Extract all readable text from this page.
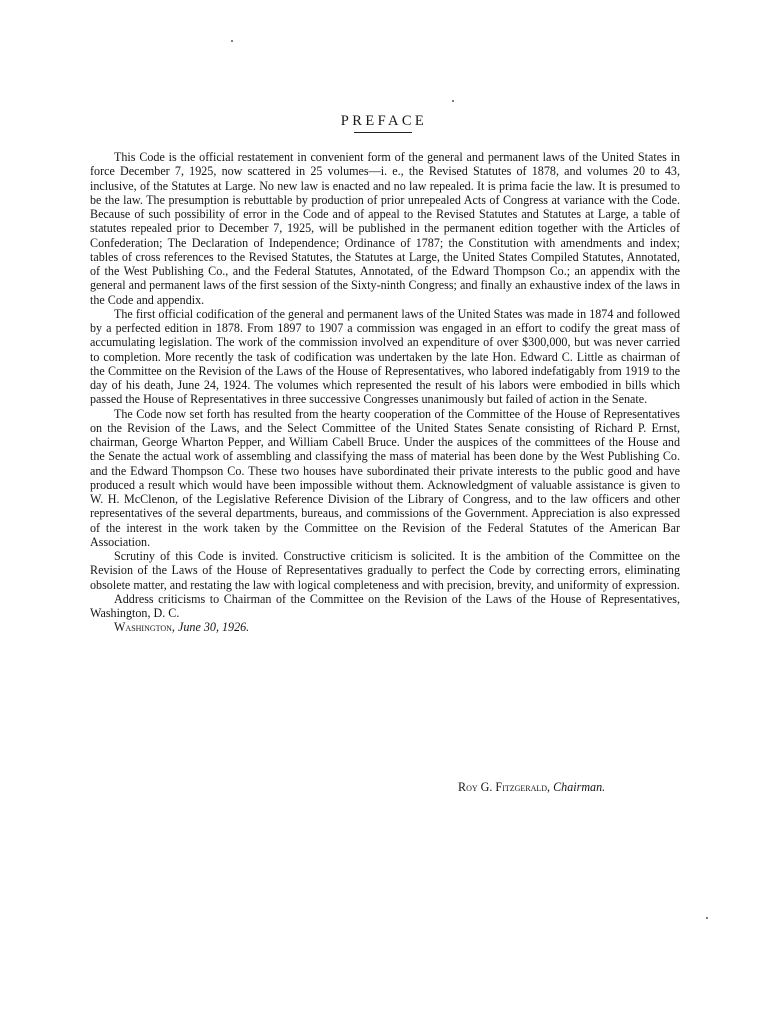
PREFACE

This Code is the official restatement in convenient form of the general and permanent laws of the United States in force December 7, 1925, now scattered in 25 volumes—i. e., the Revised Statutes of 1878, and volumes 20 to 43, inclusive, of the Statutes at Large. No new law is enacted and no law repealed. It is prima facie the law. It is presumed to be the law. The presumption is rebuttable by production of prior unrepealed Acts of Congress at variance with the Code. Because of such possibility of error in the Code and of appeal to the Revised Statutes and Statutes at Large, a table of statutes repealed prior to December 7, 1925, will be published in the permanent edition together with the Articles of Confederation; The Declaration of Independence; Ordinance of 1787; the Constitution with amendments and index; tables of cross references to the Revised Statutes, the Statutes at Large, the United States Compiled Statutes, Annotated, of the West Publishing Co., and the Federal Statutes, Annotated, of the Edward Thompson Co.; an appendix with the general and permanent laws of the first session of the Sixty-ninth Congress; and finally an exhaustive index of the laws in the Code and appendix.

The first official codification of the general and permanent laws of the United States was made in 1874 and followed by a perfected edition in 1878. From 1897 to 1907 a commission was engaged in an effort to codify the great mass of accumulating legislation. The work of the commission involved an expenditure of over $300,000, but was never carried to completion. More recently the task of codification was undertaken by the late Hon. Edward C. Little as chairman of the Committee on the Revision of the Laws of the House of Representatives, who labored indefatigably from 1919 to the day of his death, June 24, 1924. The volumes which represented the result of his labors were embodied in bills which passed the House of Representatives in three successive Congresses unanimously but failed of action in the Senate.

The Code now set forth has resulted from the hearty cooperation of the Committee of the House of Representatives on the Revision of the Laws, and the Select Committee of the United States Senate consisting of Richard P. Ernst, chairman, George Wharton Pepper, and William Cabell Bruce. Under the auspices of the committees of the House and the Senate the actual work of assembling and classifying the mass of material has been done by the West Publishing Co. and the Edward Thompson Co. These two houses have subordinated their private interests to the public good and have produced a result which would have been impossible without them. Acknowledgment of valuable assistance is given to W. H. McClenon, of the Legislative Reference Division of the Library of Congress, and to the law officers and other representatives of the several departments, bureaus, and commissions of the Government. Appreciation is also expressed of the interest in the work taken by the Committee on the Revision of the Federal Statutes of the American Bar Association.

Scrutiny of this Code is invited. Constructive criticism is solicited. It is the ambition of the Committee on the Revision of the Laws of the House of Representatives gradually to perfect the Code by correcting errors, eliminating obsolete matter, and restating the law with logical completeness and with precision, brevity, and uniformity of expression.

Address criticisms to Chairman of the Committee on the Revision of the Laws of the House of Representatives, Washington, D. C.

Washington, June 30, 1926.

Roy G. Fitzgerald, Chairman.
